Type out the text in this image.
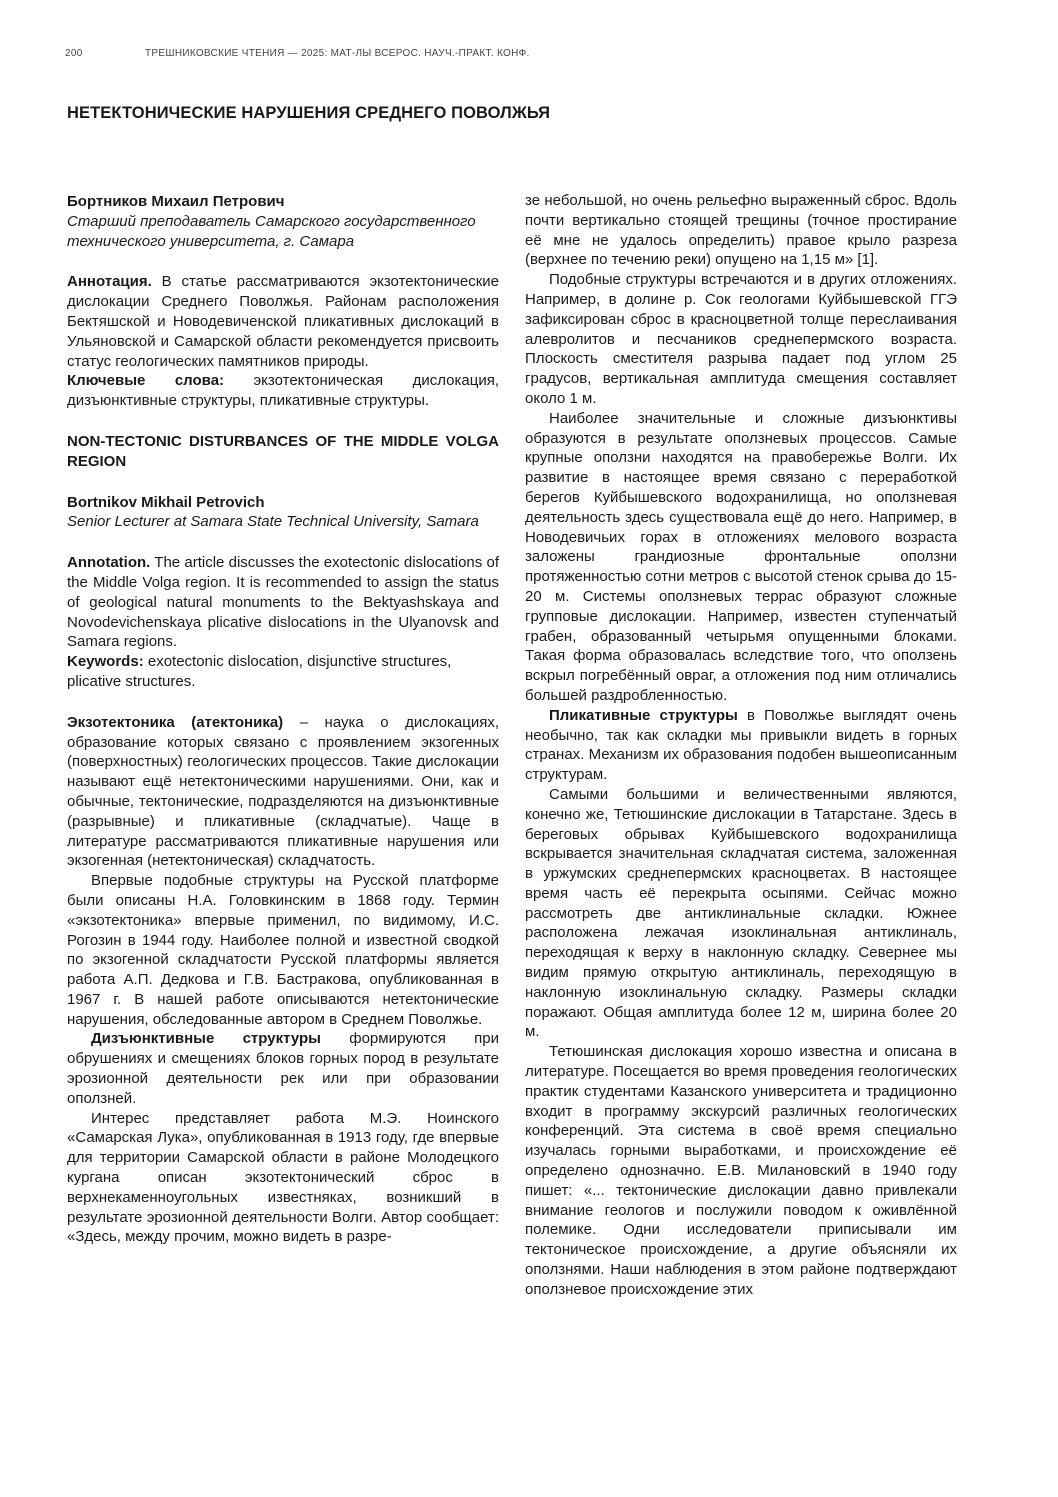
200	ТРЕШНИКОВСКИЕ ЧТЕНИЯ — 2025: МАТ-ЛЫ ВСЕРОС. НАУЧ.-ПРАКТ. КОНФ.
НЕТЕКТОНИЧЕСКИЕ НАРУШЕНИЯ СРЕДНЕГО ПОВОЛЖЬЯ

Бортников Михаил Петрович

Старший преподаватель Самарского государственного технического университета, г. Самара

Аннотация. В статье рассматриваются экзотектонические дислокации Среднего Поволжья. Районам расположения Бектяшской и Новодевиченской пликативных дислокаций в Ульяновской и Самарской области рекомендуется присвоить статус геологических памятников природы.

Ключевые слова: экзотектоническая дислокация, дизъюнктивные структуры, пликативные структуры.

NON-TECTONIC DISTURBANCES OF THE MIDDLE VOLGA REGION

Bortnikov Mikhail Petrovich

Senior Lecturer at Samara State Technical University, Samara

Annotation. The article discusses the exotectonic dislocations of the Middle Volga region. It is recommended to assign the status of geological natural monuments to the Bektyashskaya and Novodevichenskaya plicative dislocations in the Ulyanovsk and Samara regions.

Keywords: exotectonic dislocation, disjunctive structures, plicative structures.

Экзотектоника (атектоника) – наука о дислокациях, образование которых связано с проявлением экзогенных (поверхностных) геологических процессов. Такие дислокации называют ещё нетектоническими нарушениями. Они, как и обычные, тектонические, подразделяются на дизъюнктивные (разрывные) и пликативные (складчатые). Чаще в литературе рассматриваются пликативные нарушения или экзогенная (нетектоническая) складчатость.

Впервые подобные структуры на Русской платформе были описаны Н.А. Головкинским в 1868 году. Термин «экзотектоника» впервые применил, по видимому, И.С. Рогозин в 1944 году. Наиболее полной и известной сводкой по экзогенной складчатости Русской платформы является работа А.П. Дедкова и Г.В. Бастракова, опубликованная в 1967 г. В нашей работе описываются нетектонические нарушения, обследованные автором в Среднем Поволжье.

Дизъюнктивные структуры формируются при обрушениях и смещениях блоков горных пород в результате эрозионной деятельности рек или при образовании оползней.

Интерес представляет работа М.Э. Ноинского «Самарская Лука», опубликованная в 1913 году, где впервые для территории Самарской области в районе Молодецкого кургана описан экзотектонический сброс в верхнекаменноугольных известняках, возникший в результате эрозионной деятельности Волги. Автор сообщает: «Здесь, между прочим, можно видеть в разре-

зе небольшой, но очень рельефно выраженный сброс. Вдоль почти вертикально стоящей трещины (точное простирание её мне не удалось определить) правое крыло разреза (верхнее по течению реки) опущено на 1,15 м» [1].

Подобные структуры встречаются и в других отложениях. Например, в долине р. Сок геологами Куйбышевской ГГЭ зафиксирован сброс в красноцветной толще переслаивания алевролитов и песчаников среднепермского возраста. Плоскость сместителя разрыва падает под углом 25 градусов, вертикальная амплитуда смещения составляет около 1 м.

Наиболее значительные и сложные дизъюнктивы образуются в результате оползневых процессов. Самые крупные оползни находятся на правобережье Волги. Их развитие в настоящее время связано с переработкой берегов Куйбышевского водохранилища, но оползневая деятельность здесь существовала ещё до него. Например, в Новодевичьих горах в отложениях мелового возраста заложены грандиозные фронтальные оползни протяженностью сотни метров с высотой стенок срыва до 15-20 м. Системы оползневых террас образуют сложные групповые дислокации. Например, известен ступенчатый грабен, образованный четырьмя опущенными блоками. Такая форма образовалась вследствие того, что оползень вскрыл погребённый овраг, а отложения под ним отличались большей раздробленностью.

Пликативные структуры в Поволжье выглядят очень необычно, так как складки мы привыкли видеть в горных странах. Механизм их образования подобен вышеописанным структурам.

Самыми большими и величественными являются, конечно же, Тетюшинские дислокации в Татарстане. Здесь в береговых обрывах Куйбышевского водохранилища вскрывается значительная складчатая система, заложенная в уржумских среднепермских красноцветах. В настоящее время часть её перекрыта осыпями. Сейчас можно рассмотреть две антиклинальные складки. Южнее расположена лежачая изоклинальная антиклиналь, переходящая к верху в наклонную складку. Севернее мы видим прямую открытую антиклиналь, переходящую в наклонную изоклинальную складку. Размеры складки поражают. Общая амплитуда более 12 м, ширина более 20 м.

Тетюшинская дислокация хорошо известна и описана в литературе. Посещается во время проведения геологических практик студентами Казанского университета и традиционно входит в программу экскурсий различных геологических конференций. Эта система в своё время специально изучалась горными выработками, и происхождение её определено однозначно. Е.В. Милановский в 1940 году пишет: «... тектонические дислокации давно привлекали внимание геологов и послужили поводом к оживлённой полемике. Одни исследователи приписывали им тектоническое происхождение, а другие объясняли их оползнями. Наши наблюдения в этом районе подтверждают оползневое происхождение этих
